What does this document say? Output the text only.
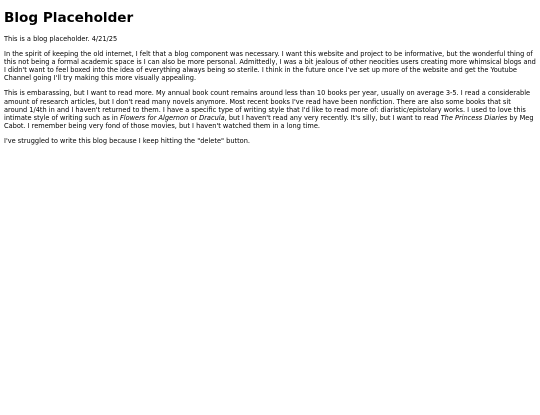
Blog Placeholder

This is a blog placeholder. 4/21/25

In the spirit of keeping the old internet, I felt that a blog component was necessary. I want this website and project to be informative, but the wonderful thing of this not being a formal academic space is I can also be more personal. Admittedly, I was a bit jealous of other neocities users creating more whimsical blogs and I didn't want to feel boxed into the idea of everything always being so sterile. I think in the future once I've set up more of the website and get the Youtube Channel going I'll try making this more visually appealing.

This is embarassing, but I want to read more. My annual book count remains around less than 10 books per year, usually on average 3-5. I read a considerable amount of research articles, but I don't read many novels anymore. Most recent books I've read have been nonfiction. There are also some books that sit around 1/4th in and I haven't returned to them. I have a specific type of writing style that I'd like to read more of: diaristic/epistolary works. I used to love this intimate style of writing such as in Flowers for Algernon or Dracula, but I haven't read any very recently. It's silly, but I want to read The Princess Diaries by Meg Cabot. I remember being very fond of those movies, but I haven't watched them in a long time.

I've struggled to write this blog because I keep hitting the "delete" button.
